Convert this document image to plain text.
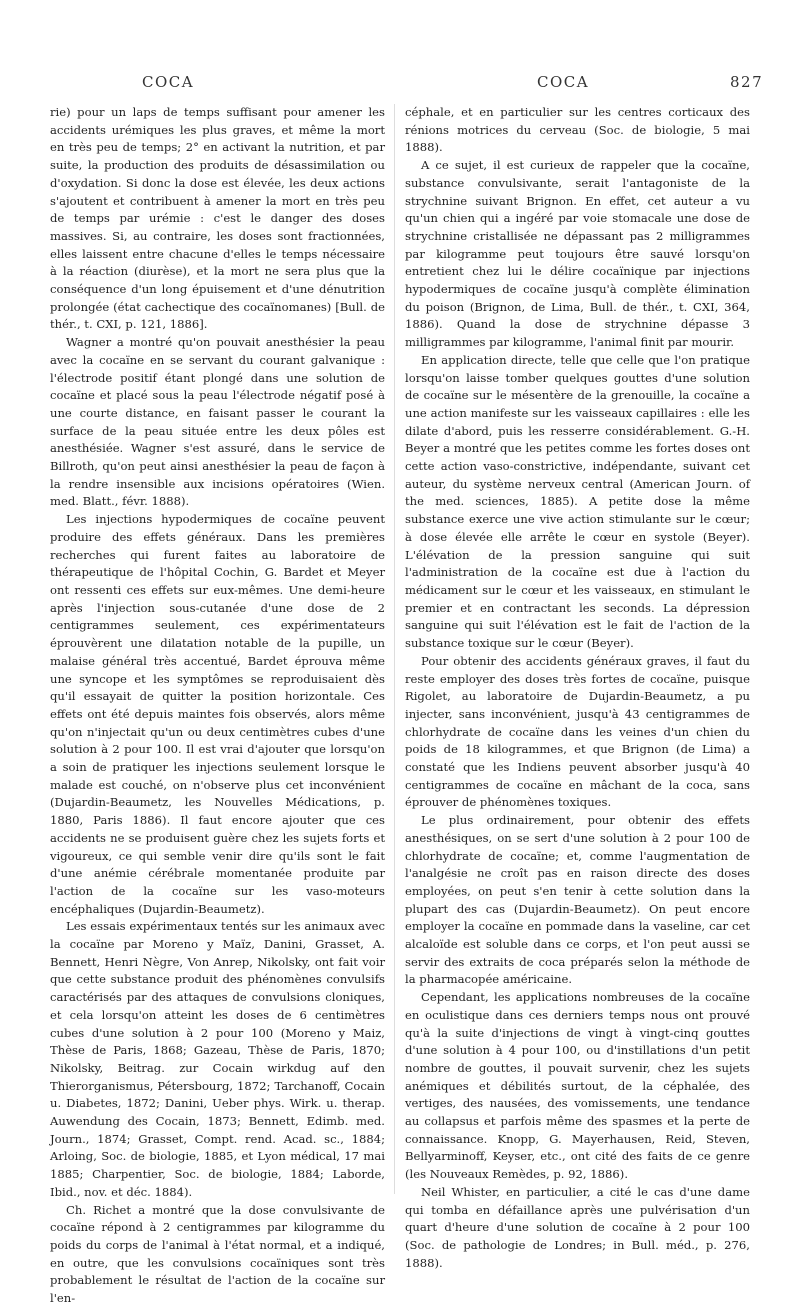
COCA	COCA	827

rie) pour un laps de temps suffisant pour amener les accidents urémiques les plus graves, et même la mort en très peu de temps; 2° en activant la nutrition, et par suite, la production des produits de désassimilation ou d'oxydation. Si donc la dose est élevée, les deux actions s'ajoutent et contribuent à amener la mort en très peu de temps par urémie : c'est le danger des doses massives. Si, au contraire, les doses sont fractionnées, elles laissent entre chacune d'elles le temps nécessaire à la réaction (diurèse), et la mort ne sera plus que la conséquence d'un long épuisement et d'une dénutrition prolongée (état cachectique des cocaïnomanes) [Bull. de thér., t. CXI, p. 121, 1886].

Wagner a montré qu'on pouvait anesthésier la peau avec la cocaïne en se servant du courant galvanique : l'électrode positif étant plongé dans une solution de cocaïne et placé sous la peau l'électrode négatif posé à une courte distance, en faisant passer le courant la surface de la peau située entre les deux pôles est anesthésiée. Wagner s'est assuré, dans le service de Billroth, qu'on peut ainsi anesthésier la peau de façon à la rendre insensible aux incisions opératoires (Wien. med. Blatt., févr. 1888).

Les injections hypodermiques de cocaïne peuvent produire des effets généraux. Dans les premières recherches qui furent faites au laboratoire de thérapeutique de l'hôpital Cochin, G. Bardet et Meyer ont ressenti ces effets sur eux-mêmes. Une demi-heure après l'injection sous-cutanée d'une dose de 2 centigrammes seulement, ces expérimentateurs éprouvèrent une dilatation notable de la pupille, un malaise général très accentué, Bardet éprouva même une syncope et les symptômes se reproduisaient dès qu'il essayait de quitter la position horizontale. Ces effets ont été depuis maintes fois observés, alors même qu'on n'injectait qu'un ou deux centimètres cubes d'une solution à 2 pour 100. Il est vrai d'ajouter que lorsqu'on a soin de pratiquer les injections seulement lorsque le malade est couché, on n'observe plus cet inconvénient (Dujardin-Beaumetz, les Nouvelles Médications, p. 1880, Paris 1886). Il faut encore ajouter que ces accidents ne se produisent guère chez les sujets forts et vigoureux, ce qui semble venir dire qu'ils sont le fait d'une anémie cérébrale momentanée produite par l'action de la cocaïne sur les vaso-moteurs encéphaliques (Dujardin-Beaumetz).

Les essais expérimentaux tentés sur les animaux avec la cocaïne par Moreno y Maïz, Danini, Grasset, A. Bennett, Henri Nègre, Von Anrep, Nikolsky, ont fait voir que cette substance produit des phénomènes convulsifs caractérisés par des attaques de convulsions cloniques, et cela lorsqu'on atteint les doses de 6 centimètres cubes d'une solution à 2 pour 100 (Moreno y Maiz, Thèse de Paris, 1868; Gazeau, Thèse de Paris, 1870; Nikolsky, Beitrag. zur Cocain wirkdug auf den Thierorganismus, Pétersbourg, 1872; Tarchanoff, Cocain u. Diabetes, 1872; Danini, Ueber phys. Wirk. u. therap. Auwendung des Cocain, 1873; Bennett, Edimb. med. Journ., 1874; Grasset, Compt. rend. Acad. sc., 1884; Arloing, Soc. de biologie, 1885, et Lyon médical, 17 mai 1885; Charpentier, Soc. de biologie, 1884; Laborde, Ibid., nov. et déc. 1884).

Ch. Richet a montré que la dose convulsivante de cocaïne répond à 2 centigrammes par kilogramme du poids du corps de l'animal à l'état normal, et a indiqué, en outre, que les convulsions cocaïniques sont très probablement le résultat de l'action de la cocaïne sur l'en-

céphale, et en particulier sur les centres corticaux des rénions motrices du cerveau (Soc. de biologie, 5 mai 1888).

A ce sujet, il est curieux de rappeler que la cocaïne, substance convulsivante, serait l'antagoniste de la strychnine suivant Brignon. En effet, cet auteur a vu qu'un chien qui a ingéré par voie stomacale une dose de strychnine cristallisée ne dépassant pas 2 milligrammes par kilogramme peut toujours être sauvé lorsqu'on entretient chez lui le délire cocaïnique par injections hypodermiques de cocaïne jusqu'à complète élimination du poison (Brignon, de Lima, Bull. de thér., t. CXI, 364, 1886). Quand la dose de strychnine dépasse 3 milligrammes par kilogramme, l'animal finit par mourir.

En application directe, telle que celle que l'on pratique lorsqu'on laisse tomber quelques gouttes d'une solution de cocaïne sur le mésentère de la grenouille, la cocaïne a une action manifeste sur les vaisseaux capillaires : elle les dilate d'abord, puis les resserre considérablement. G.-H. Beyer a montré que les petites comme les fortes doses ont cette action vaso-constrictive, indépendante, suivant cet auteur, du système nerveux central (American Journ. of the med. sciences, 1885). A petite dose la même substance exerce une vive action stimulante sur le cœur; à dose élevée elle arrête le cœur en systole (Beyer). L'élévation de la pression sanguine qui suit l'administration de la cocaïne est due à l'action du médicament sur le cœur et les vaisseaux, en stimulant le premier et en contractant les seconds. La dépression sanguine qui suit l'élévation est le fait de l'action de la substance toxique sur le cœur (Beyer).

Pour obtenir des accidents généraux graves, il faut du reste employer des doses très fortes de cocaïne, puisque Rigolet, au laboratoire de Dujardin-Beaumetz, a pu injecter, sans inconvénient, jusqu'à 43 centigrammes de chlorhydrate de cocaïne dans les veines d'un chien du poids de 18 kilogrammes, et que Brignon (de Lima) a constaté que les Indiens peuvent absorber jusqu'à 40 centigrammes de cocaïne en mâchant de la coca, sans éprouver de phénomènes toxiques.

Le plus ordinairement, pour obtenir des effets anesthésiques, on se sert d'une solution à 2 pour 100 de chlorhydrate de cocaïne; et, comme l'augmentation de l'analgésie ne croît pas en raison directe des doses employées, on peut s'en tenir à cette solution dans la plupart des cas (Dujardin-Beaumetz). On peut encore employer la cocaïne en pommade dans la vaseline, car cet alcaloïde est soluble dans ce corps, et l'on peut aussi se servir des extraits de coca préparés selon la méthode de la pharmacopée américaine.

Cependant, les applications nombreuses de la cocaïne en oculistique dans ces derniers temps nous ont prouvé qu'à la suite d'injections de vingt à vingt-cinq gouttes d'une solution à 4 pour 100, ou d'instillations d'un petit nombre de gouttes, il pouvait survenir, chez les sujets anémiques et débilités surtout, de la céphalée, des vertiges, des nausées, des vomissements, une tendance au collapsus et parfois même des spasmes et la perte de connaissance. Knopp, G. Mayerhausen, Reid, Steven, Bellyarminoff, Keyser, etc., ont cité des faits de ce genre (les Nouveaux Remèdes, p. 92, 1886).

Neil Whister, en particulier, a cité le cas d'une dame qui tomba en défaillance après une pulvérisation d'un quart d'heure d'une solution de cocaïne à 2 pour 100 (Soc. de pathologie de Londres; in Bull. méd., p. 276, 1888).
